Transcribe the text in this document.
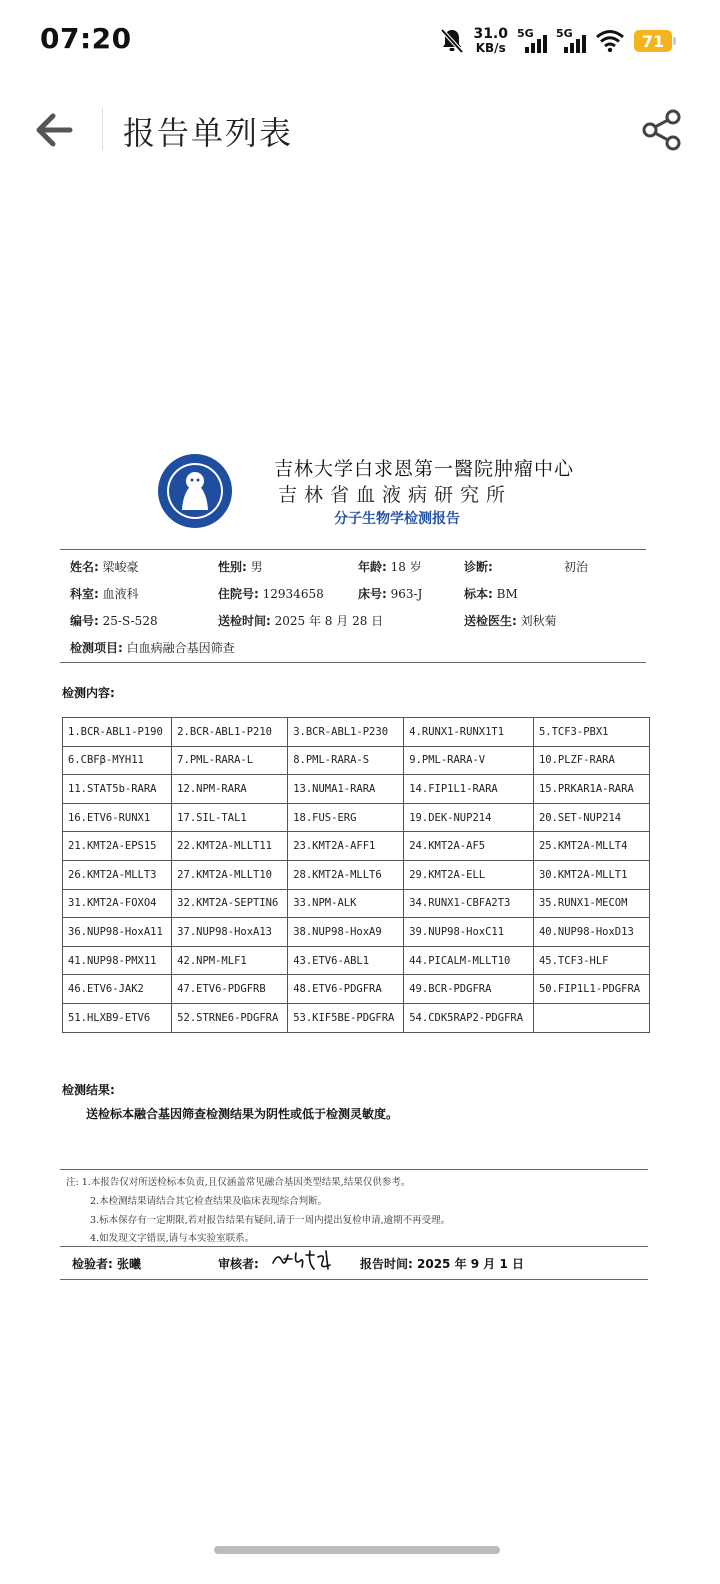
07:20	31.0
KB/s
5G 5G	71
报告单列表
吉林大学白求恩第一醫院肿瘤中心
吉林省血液病研究所
分子生物学检测报告
姓名: 梁峻豪	性别: 男	年龄: 18 岁	诊断:	初治
科室: 血液科	住院号: 12934658	床号: 963-J	标本: BM
编号: 25-S-528	送检时间: 2025 年 8 月 28 日	送检医生: 刘秋菊
检测项目: 白血病融合基因筛查
检测内容:
1.BCR-ABL1-P190	2.BCR-ABL1-P210	3.BCR-ABL1-P230	4.RUNX1-RUNX1T1	5.TCF3-PBX1
6.CBFβ-MYH11	7.PML-RARA-L	8.PML-RARA-S	9.PML-RARA-V	10.PLZF-RARA
11.STAT5b-RARA	12.NPM-RARA	13.NUMA1-RARA	14.FIP1L1-RARA	15.PRKAR1A-RARA
16.ETV6-RUNX1	17.SIL-TAL1	18.FUS-ERG	19.DEK-NUP214	20.SET-NUP214
21.KMT2A-EPS15	22.KMT2A-MLLT11	23.KMT2A-AFF1	24.KMT2A-AF5	25.KMT2A-MLLT4
26.KMT2A-MLLT3	27.KMT2A-MLLT10	28.KMT2A-MLLT6	29.KMT2A-ELL	30.KMT2A-MLLT1
31.KMT2A-FOXO4	32.KMT2A-SEPTIN6	33.NPM-ALK	34.RUNX1-CBFA2T3	35.RUNX1-MECOM
36.NUP98-HoxA11	37.NUP98-HoxA13	38.NUP98-HoxA9	39.NUP98-HoxC11	40.NUP98-HoxD13
41.NUP98-PMX11	42.NPM-MLF1	43.ETV6-ABL1	44.PICALM-MLLT10	45.TCF3-HLF
46.ETV6-JAK2	47.ETV6-PDGFRB	48.ETV6-PDGFRA	49.BCR-PDGFRA	50.FIP1L1-PDGFRA
51.HLXB9-ETV6	52.STRNE6-PDGFRA	53.KIF5BE-PDGFRA	54.CDK5RAP2-PDGFRA	
检测结果:
送检标本融合基因筛查检测结果为阴性或低于检测灵敏度。
注: 1.本报告仅对所送检标本负责,且仅涵盖常见融合基因类型结果,结果仅供参考。
2.本检测结果请结合其它检查结果及临床表现综合判断。
3.标本保存有一定期限,若对报告结果有疑问,请于一周内提出复检申请,逾期不再受理。
4.如发现文字错误,请与本实验室联系。
检验者: 张曦	审核者:	报告时间: 2025 年 9 月 1 日
